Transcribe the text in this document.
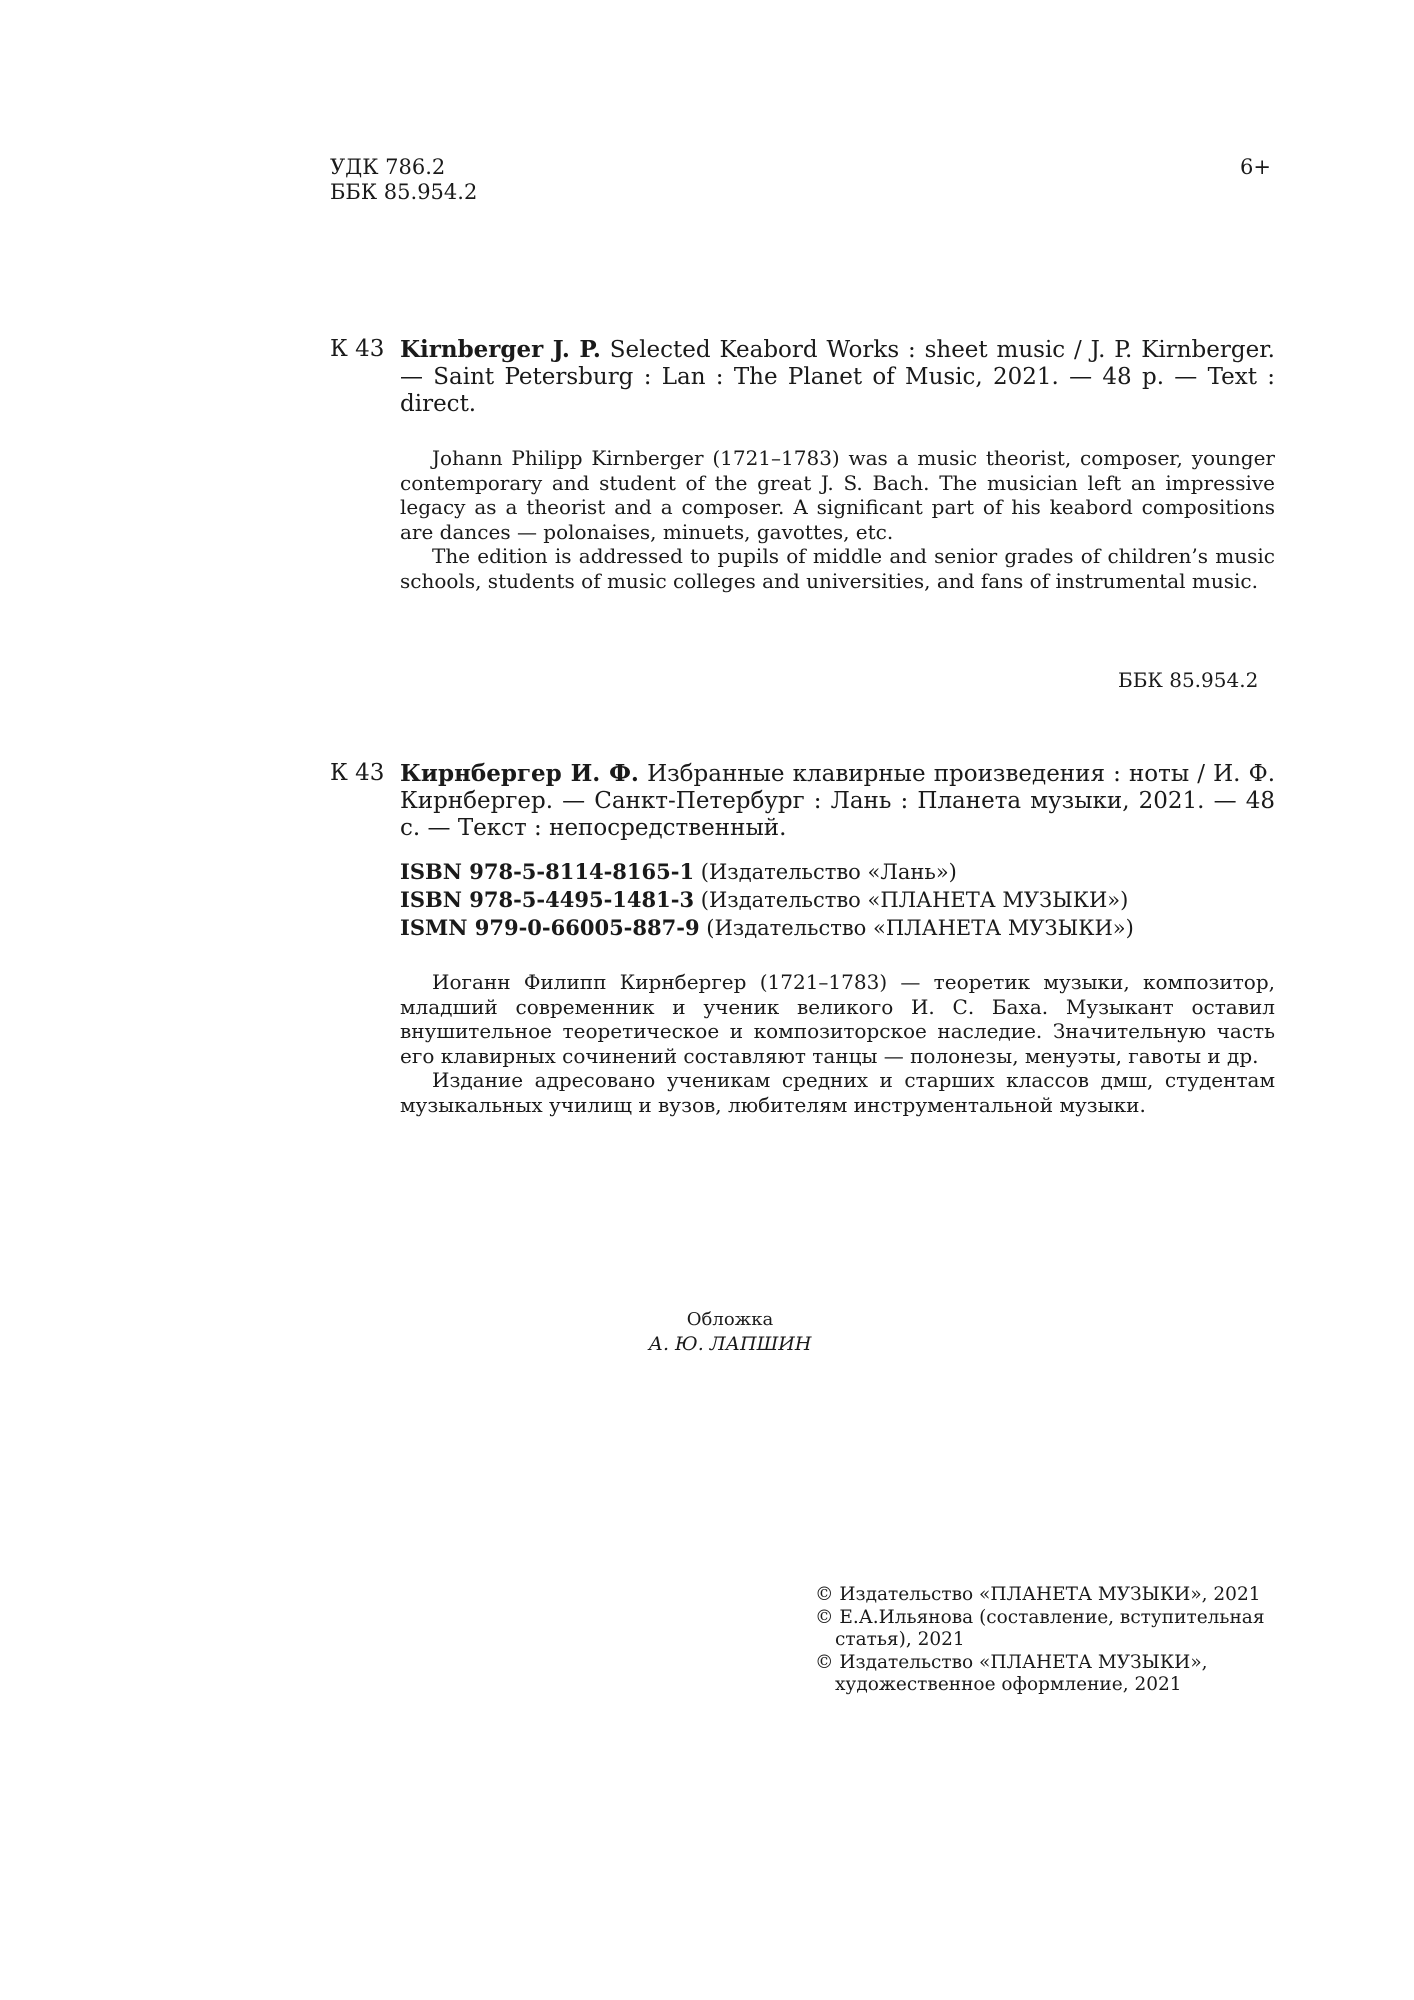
УДК 786.2
ББК 85.954.2
6+
К 43 Kirnberger J. P. Selected Keabord Works : sheet music / J. P. Kirnberger. — Saint Petersburg : Lan : The Planet of Music, 2021. — 48 p. — Text : direct.

Johann Philipp Kirnberger (1721–1783) was a music theorist, composer, younger contemporary and student of the great J. S. Bach. The musician left an impressive legacy as a theorist and a composer. A significant part of his keabord compositions are dances — polonaises, minuets, gavottes, etc.

The edition is addressed to pupils of middle and senior grades of children’s music schools, students of music colleges and universities, and fans of instrumental music.

ББК 85.954.2
К 43 Кирнбергер И. Ф. Избранные клавирные произведения : ноты / И. Ф. Кирнбергер. — Санкт-Петербург : Лань : Планета музыки, 2021. — 48 с. — Текст : непосредственный.
ISBN 978-5-8114-8165-1 (Издательство «Лань»)
ISBN 978-5-4495-1481-3 (Издательство «ПЛАНЕТА МУЗЫКИ»)
ISMN 979-0-66005-887-9 (Издательство «ПЛАНЕТА МУЗЫКИ»)

Иоганн Филипп Кирнбергер (1721–1783) — теоретик музыки, композитор, младший современник и ученик великого И. С. Баха. Музыкант оставил внушительное теоретическое и композиторское наследие. Значительную часть его клавирных сочинений составляют танцы — полонезы, менуэты, гавоты и др.

Издание адресовано ученикам средних и старших классов дмш, студентам музыкальных училищ и вузов, любителям инструментальной музыки.

Обложка
А. Ю. ЛАПШИН
© Издательство «ПЛАНЕТА МУЗЫКИ», 2021
© Е.А.Ильянова (составление, вступительная статья), 2021
© Издательство «ПЛАНЕТА МУЗЫКИ», художественное оформление, 2021
